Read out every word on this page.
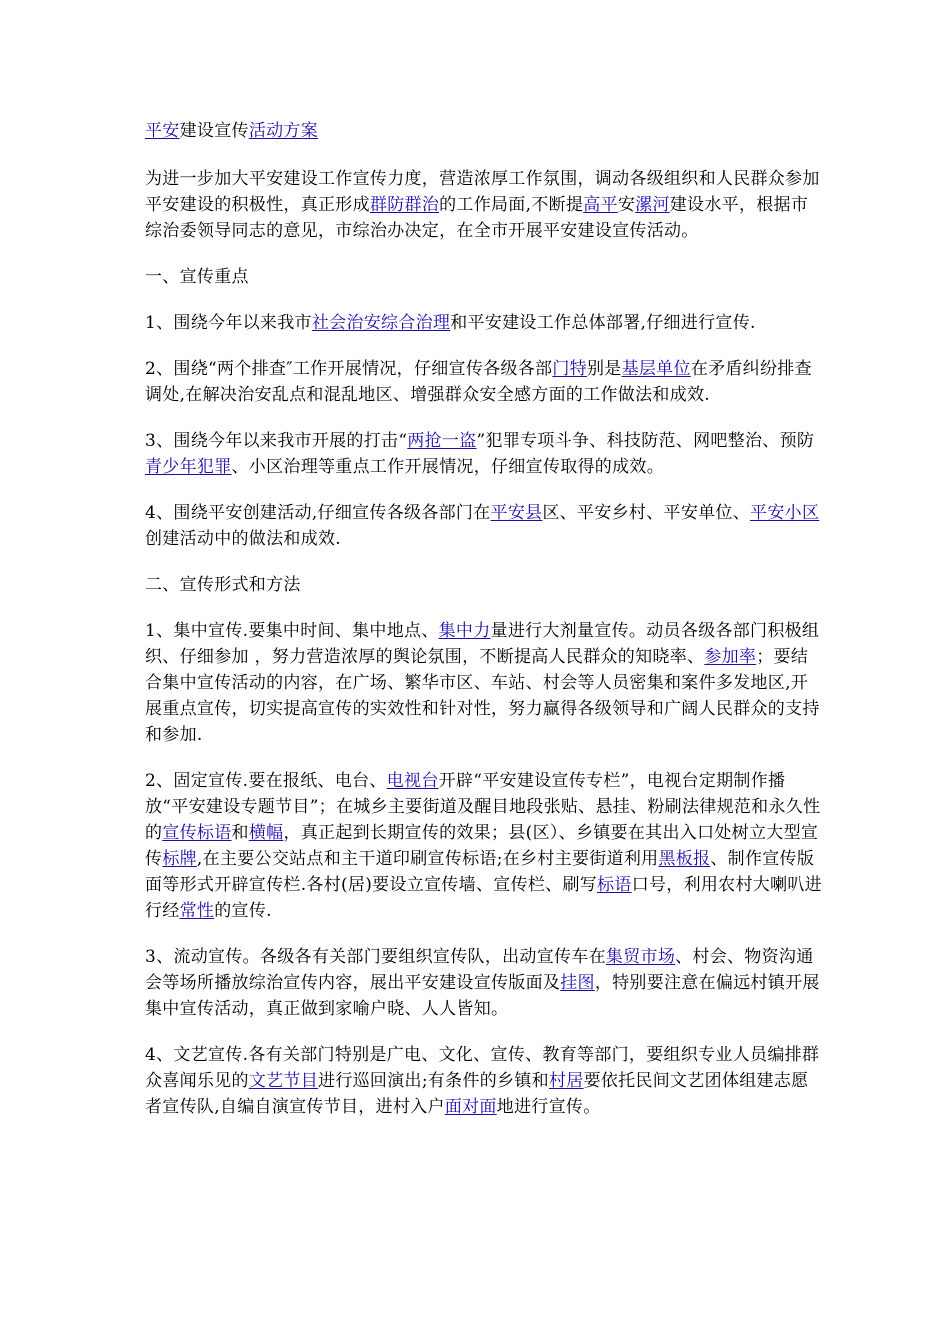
平安建设宣传活动方案

为进一步加大平安建设工作宣传力度，营造浓厚工作氛围，调动各级组织和人民群众参加平安建设的积极性，真正形成群防群治的工作局面,不断提高平安漯河建设水平，根据市综治委领导同志的意见，市综治办决定，在全市开展平安建设宣传活动。

一、宣传重点

1、围绕今年以来我市社会治安综合治理和平安建设工作总体部署,仔细进行宣传.

2、围绕“两个排查″工作开展情况，仔细宣传各级各部门特别是基层单位在矛盾纠纷排查调处,在解决治安乱点和混乱地区、增强群众安全感方面的工作做法和成效.

3、围绕今年以来我市开展的打击“两抢一盗”犯罪专项斗争、科技防范、网吧整治、预防青少年犯罪、小区治理等重点工作开展情况，仔细宣传取得的成效。

4、围绕平安创建活动,仔细宣传各级各部门在平安县区、平安乡村、平安单位、平安小区创建活动中的做法和成效.

二、宣传形式和方法

1、集中宣传.要集中时间、集中地点、集中力量进行大剂量宣传。动员各级各部门积极组织、仔细参加 ，努力营造浓厚的舆论氛围，不断提高人民群众的知晓率、参加率；要结合集中宣传活动的内容，在广场、繁华市区、车站、村会等人员密集和案件多发地区,开展重点宣传，切实提高宣传的实效性和针对性，努力赢得各级领导和广阔人民群众的支持和参加.

2、固定宣传.要在报纸、电台、电视台开辟“平安建设宣传专栏”，电视台定期制作播放“平安建设专题节目”；在城乡主要街道及醒目地段张贴、悬挂、粉刷法律规范和永久性的宣传标语和横幅，真正起到长期宣传的效果；县(区）、乡镇要在其出入口处树立大型宣传标牌,在主要公交站点和主干道印刷宣传标语;在乡村主要街道利用黑板报、制作宣传版面等形式开辟宣传栏.各村(居)要设立宣传墙、宣传栏、刷写标语口号，利用农村大喇叭进行经常性的宣传.

3、流动宣传。各级各有关部门要组织宣传队，出动宣传车在集贸市场、村会、物资沟通会等场所播放综治宣传内容，展出平安建设宣传版面及挂图，特别要注意在偏远村镇开展集中宣传活动，真正做到家喻户晓、人人皆知。

4、文艺宣传.各有关部门特别是广电、文化、宣传、教育等部门，要组织专业人员编排群众喜闻乐见的文艺节目进行巡回演出;有条件的乡镇和村居要依托民间文艺团体组建志愿者宣传队,自编自演宣传节目，进村入户面对面地进行宣传。
